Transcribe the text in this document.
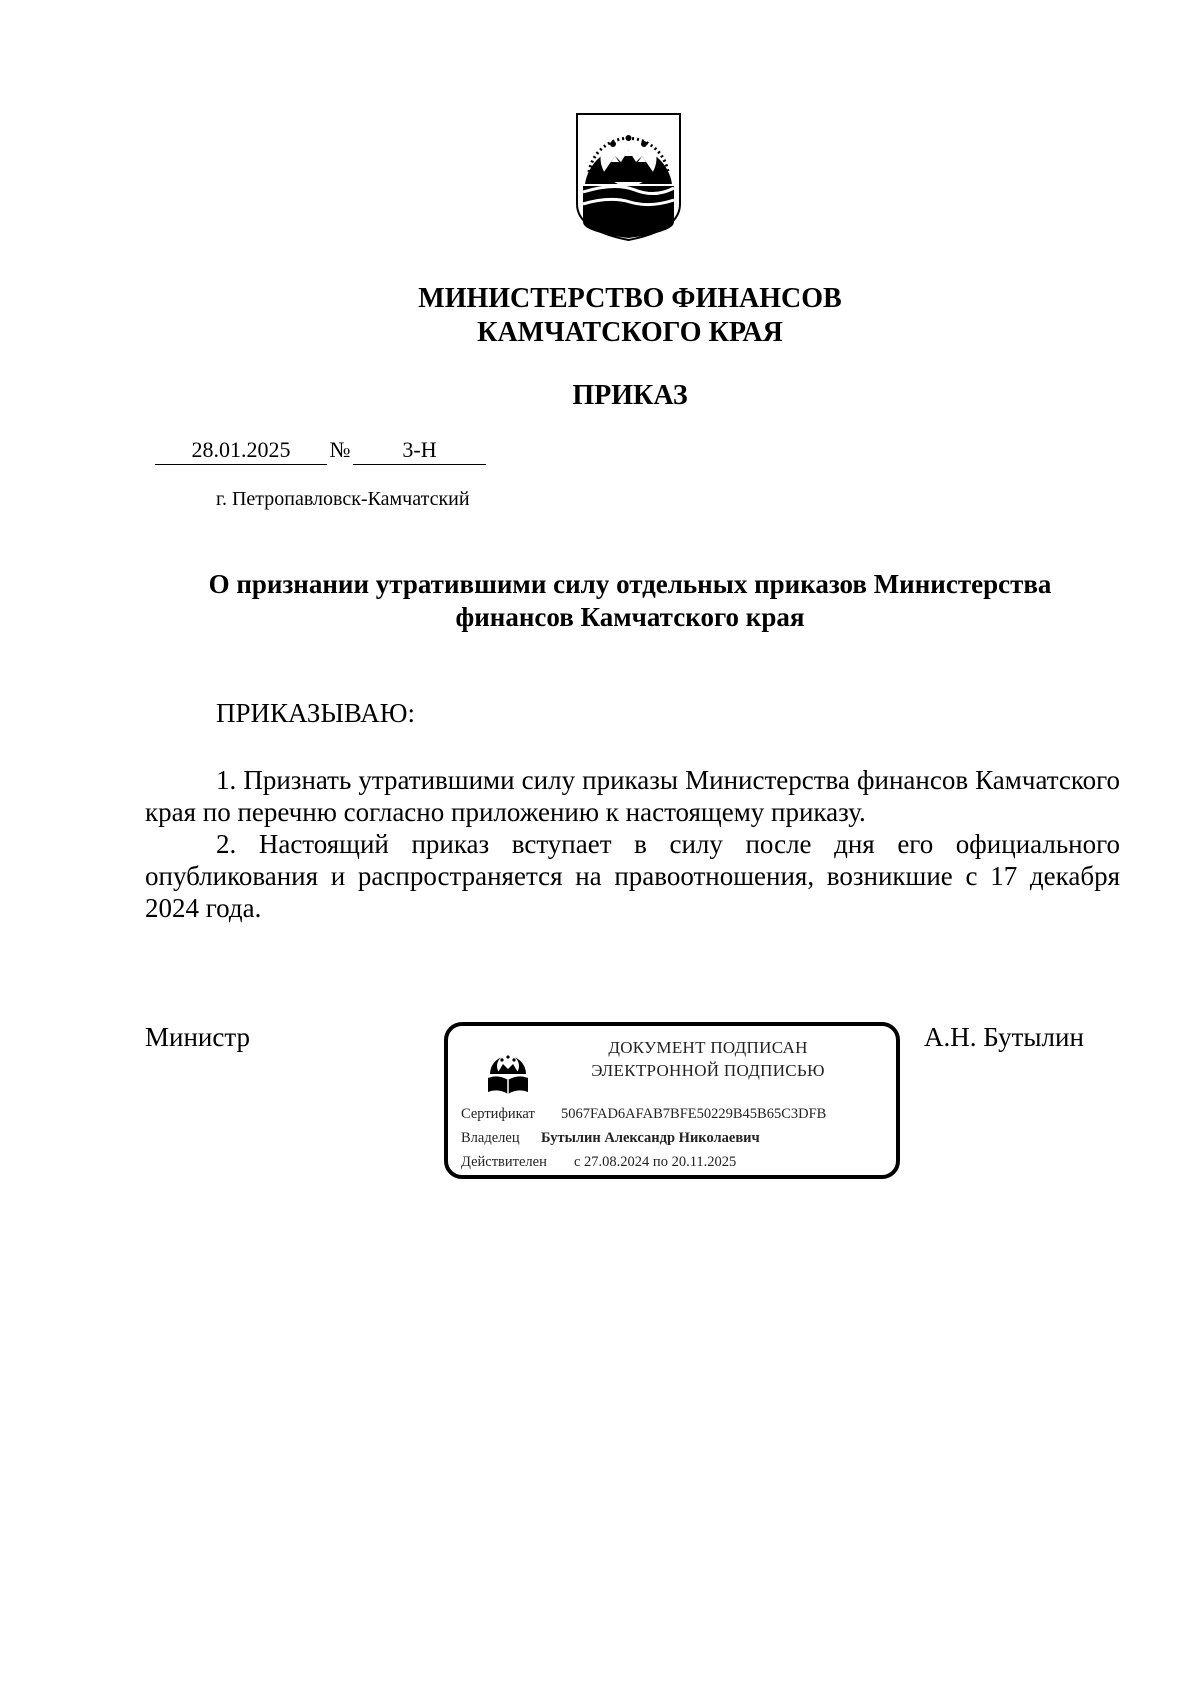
МИНИСТЕРСТВО ФИНАНСОВ
КАМЧАТСКОГО КРАЯ
ПРИКАЗ
28.01.2025 № 3-Н
г. Петропавловск-Камчатский
О признании утратившими силу отдельных приказов Министерства финансов Камчатского края
ПРИКАЗЫВАЮ:

1. Признать утратившими силу приказы Министерства финансов Камчатского края по перечню согласно приложению к настоящему приказу.

2. Настоящий приказ вступает в силу после дня его официального опубликования и распространяется на правоотношения, возникшие с 17 декабря 2024 года.

Министр	А.Н. Бутылин
ДОКУМЕНТ ПОДПИСАН
ЭЛЕКТРОННОЙ ПОДПИСЬЮ
Сертификат 5067FAD6AFAB7BFE50229B45B65C3DFB
Владелец Бутылин Александр Николаевич
Действителен с 27.08.2024 по 20.11.2025
